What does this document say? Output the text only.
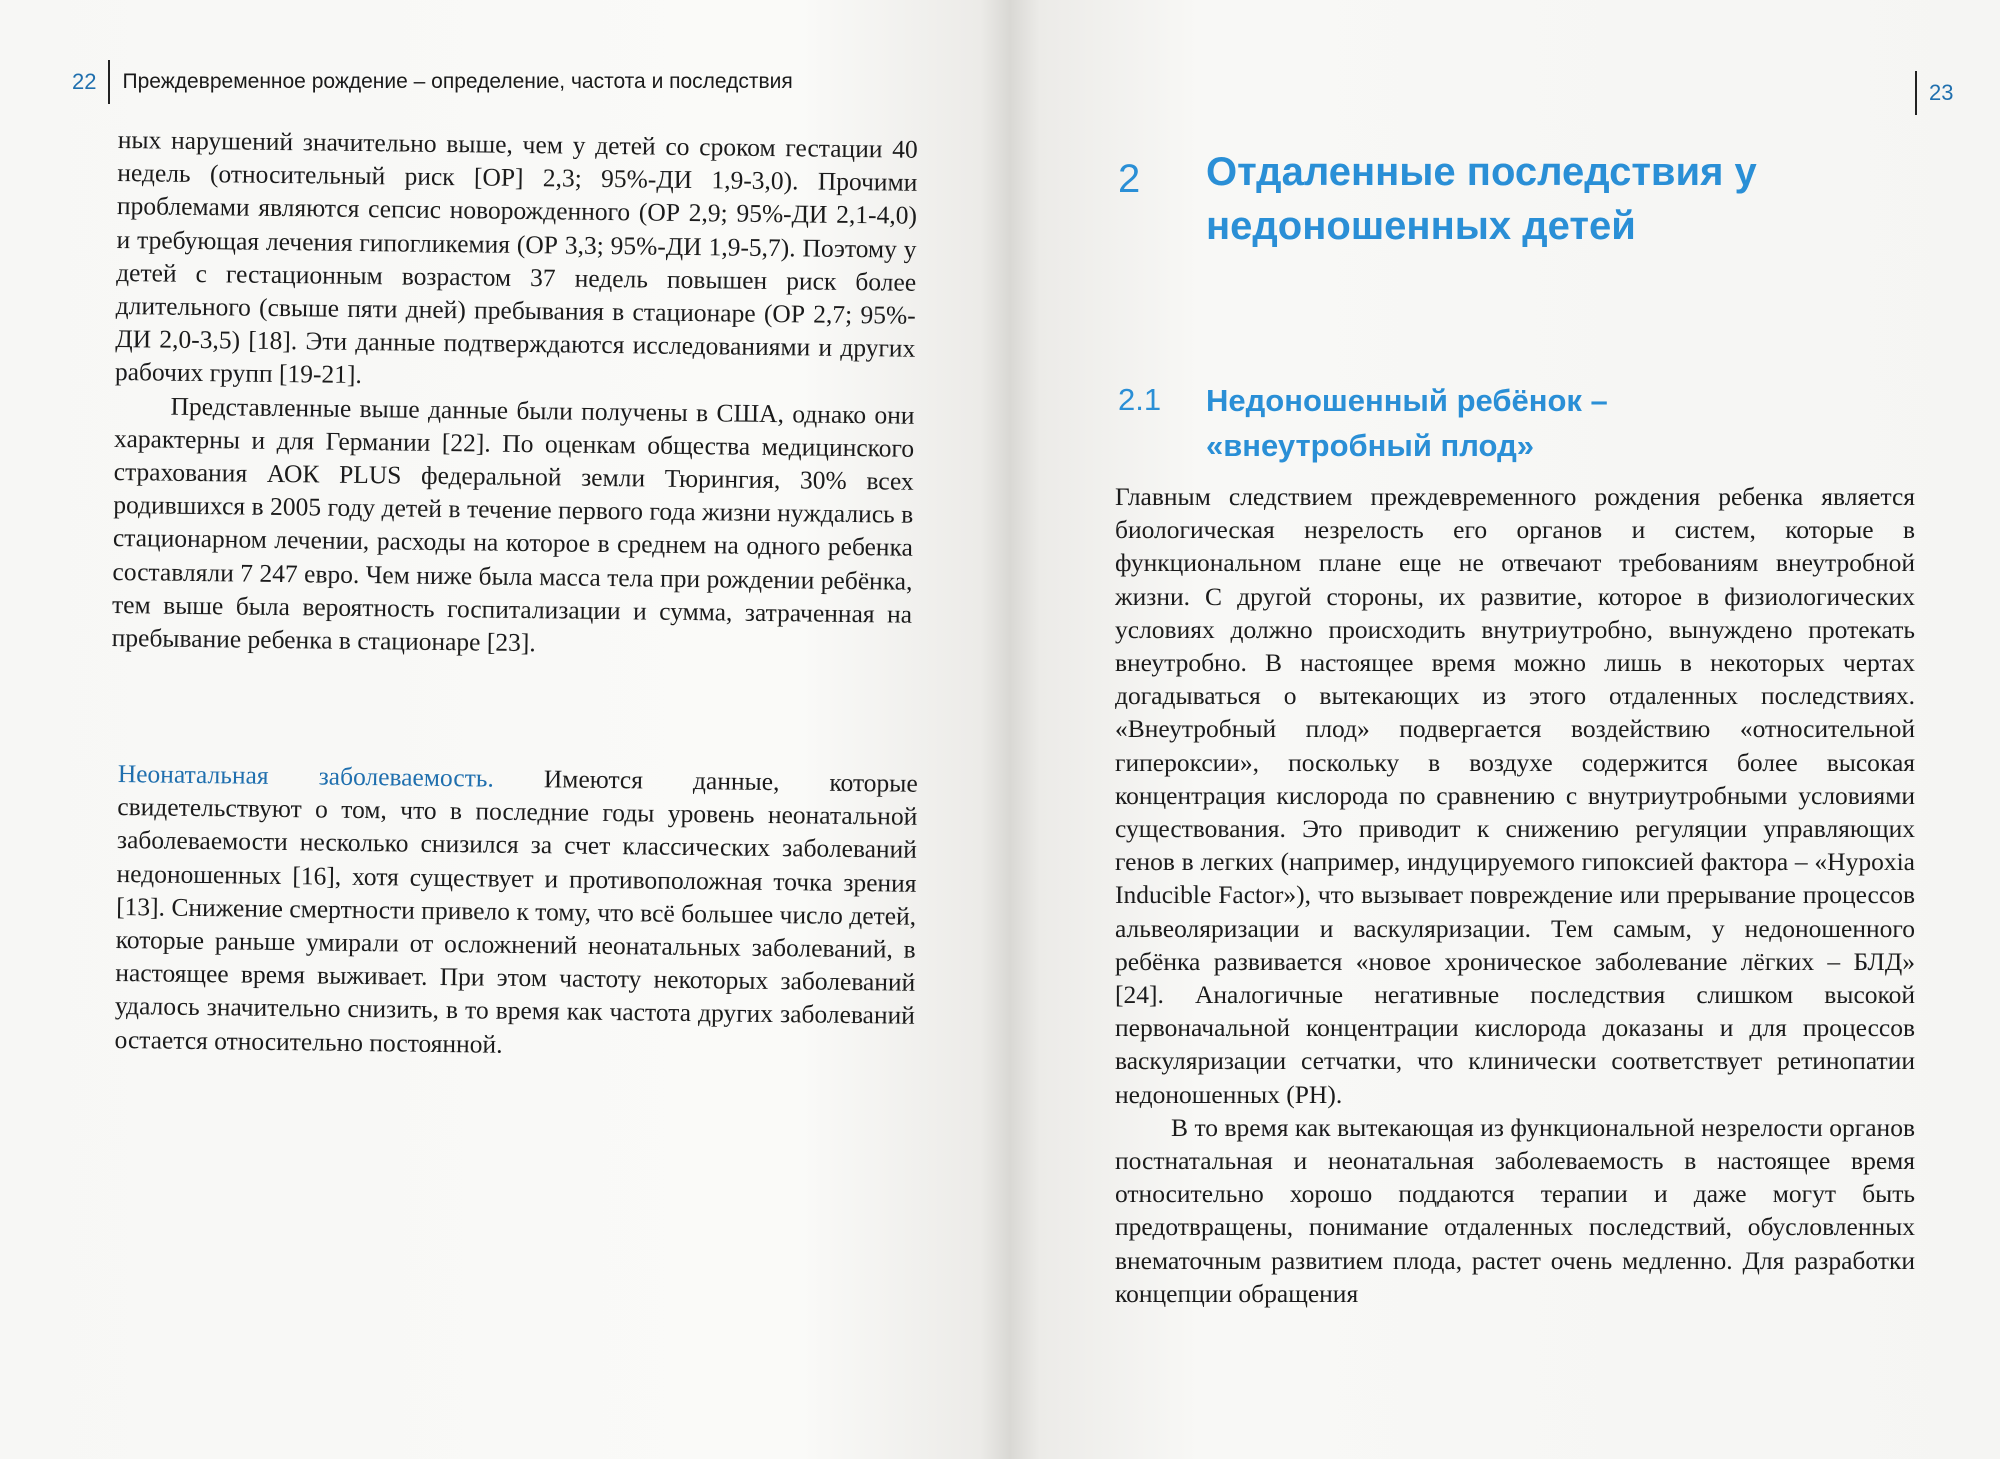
22 Преждевременное рождение – определение, частота и последствия

ных нарушений значительно выше, чем у детей со сроком гестации 40 недель (относительный риск [ОР] 2,3; 95%-ДИ 1,9-3,0). Прочими проблемами являются сепсис новорожденного (ОР 2,9; 95%-ДИ 2,1-4,0) и требующая лечения гипогликемия (ОР 3,3; 95%-ДИ 1,9-5,7). Поэтому у детей с гестационным возрастом 37 недель повышен риск более длительного (свыше пяти дней) пребывания в стационаре (ОР 2,7; 95%-ДИ 2,0-3,5) [18]. Эти данные подтверждаются исследованиями и других рабочих групп [19-21].

Представленные выше данные были получены в США, однако они характерны и для Германии [22]. По оценкам общества медицинского страхования АОК PLUS федеральной земли Тюрингия, 30% всех родившихся в 2005 году детей в течение первого года жизни нуждались в стационарном лечении, расходы на которое в среднем на одного ребенка составляли 7 247 евро. Чем ниже была масса тела при рождении ребёнка, тем выше была вероятность госпитализации и сумма, затраченная на пребывание ребенка в стационаре [23].

Неонатальная заболеваемость. Имеются данные, которые свидетельствуют о том, что в последние годы уровень неонатальной заболеваемости несколько снизился за счет классических заболеваний недоношенных [16], хотя существует и противоположная точка зрения [13]. Снижение смертности привело к тому, что всё большее число детей, которые раньше умирали от осложнений неонатальных заболеваний, в настоящее время выживает. При этом частоту некоторых заболеваний удалось значительно снизить, в то время как частота других заболеваний остается относительно постоянной.

23
2	Отдаленные последствия у недоношенных детей
2.1	Недоношенный ребёнок – «внеутробный плод»

Главным следствием преждевременного рождения ребенка является биологическая незрелость его органов и систем, которые в функциональном плане еще не отвечают требованиям внеутробной жизни. С другой стороны, их развитие, которое в физиологических условиях должно происходить внутриутробно, вынуждено протекать внеутробно. В настоящее время можно лишь в некоторых чертах догадываться о вытекающих из этого отдаленных последствиях. «Внеутробный плод» подвергается воздействию «относительной гипероксии», поскольку в воздухе содержится более высокая концентрация кислорода по сравнению с внутриутробными условиями существования. Это приводит к снижению регуляции управляющих генов в легких (например, индуцируемого гипоксией фактора – «Hypoxia Inducible Factor»), что вызывает повреждение или прерывание процессов альвеоляризации и васкуляризации. Тем самым, у недоношенного ребёнка развивается «новое хроническое заболевание лёгких – БЛД» [24]. Аналогичные негативные последствия слишком высокой первоначальной концентрации кислорода доказаны и для процессов васкуляризации сетчатки, что клинически соответствует ретинопатии недоношенных (РН).

В то время как вытекающая из функциональной незрелости органов постнатальная и неонатальная заболеваемость в настоящее время относительно хорошо поддаются терапии и даже могут быть предотвращены, понимание отдаленных последствий, обусловленных внематочным развитием плода, растет очень медленно. Для разработки концепции обращения
